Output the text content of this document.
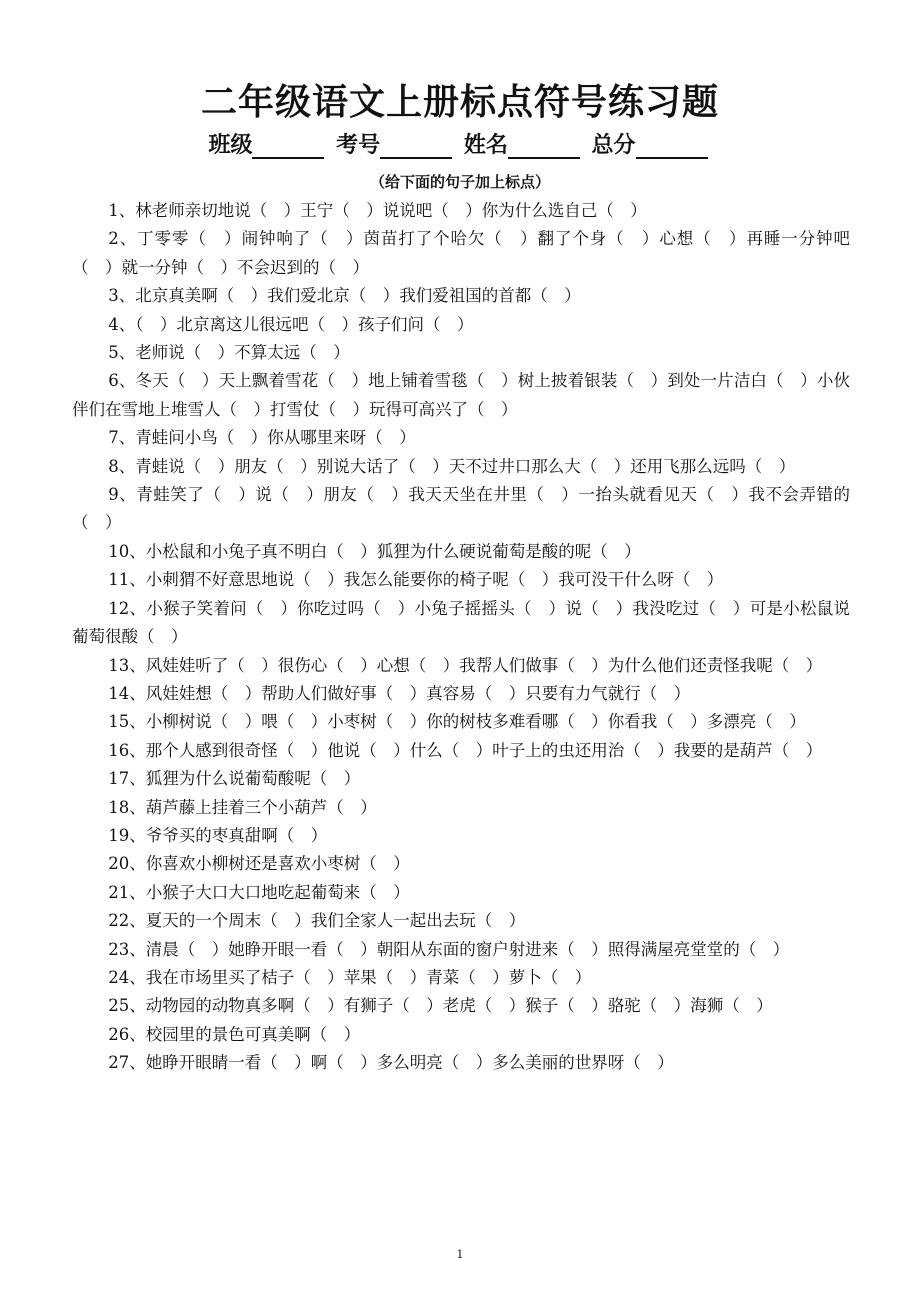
二年级语文上册标点符号练习题
班级	考号	姓名	总分
（给下面的句子加上标点）

1、林老师亲切地说（　）王宁（　）说说吧（　）你为什么选自己（　）

2、丁零零（　）闹钟响了（　）茵苗打了个哈欠（　）翻了个身（　）心想（　）再睡一分钟吧（　）就一分钟（　）不会迟到的（　）

3、北京真美啊（　）我们爱北京（　）我们爱祖国的首都（　）

4、（　）北京离这儿很远吧（　）孩子们问（　）

5、老师说（　）不算太远（　）

6、冬天（　）天上飘着雪花（　）地上铺着雪毯（　）树上披着银装（　）到处一片洁白（　）小伙伴们在雪地上堆雪人（　）打雪仗（　）玩得可高兴了（　）

7、青蛙问小鸟（　）你从哪里来呀（　）

8、青蛙说（　）朋友（　）别说大话了（　）天不过井口那么大（　）还用飞那么远吗（　）

9、青蛙笑了（　）说（　）朋友（　）我天天坐在井里（　）一抬头就看见天（　）我不会弄错的（　）

10、小松鼠和小兔子真不明白（　）狐狸为什么硬说葡萄是酸的呢（　）

11、小刺猬不好意思地说（　）我怎么能要你的椅子呢（　）我可没干什么呀（　）

12、小猴子笑着问（　）你吃过吗（　）小兔子摇摇头（　）说（　）我没吃过（　）可是小松鼠说葡萄很酸（　）

13、风娃娃听了（　）很伤心（　）心想（　）我帮人们做事（　）为什么他们还责怪我呢（　）

14、风娃娃想（　）帮助人们做好事（　）真容易（　）只要有力气就行（　）

15、小柳树说（　）喂（　）小枣树（　）你的树枝多难看哪（　）你看我（　）多漂亮（　）

16、那个人感到很奇怪（　）他说（　）什么（　）叶子上的虫还用治（　）我要的是葫芦（　）

17、狐狸为什么说葡萄酸呢（　）

18、葫芦藤上挂着三个小葫芦（　）

19、爷爷买的枣真甜啊（　）

20、你喜欢小柳树还是喜欢小枣树（　）

21、小猴子大口大口地吃起葡萄来（　）

22、夏天的一个周末（　）我们全家人一起出去玩（　）

23、清晨（　）她睁开眼一看（　）朝阳从东面的窗户射进来（　）照得满屋亮堂堂的（　）

24、我在市场里买了桔子（　）苹果（　）青菜（　）萝卜（　）

25、动物园的动物真多啊（　）有狮子（　）老虎（　）猴子（　）骆驼（　）海狮（　）

26、校园里的景色可真美啊（　）

27、她睁开眼睛一看（　）啊（　）多么明亮（　）多么美丽的世界呀（　）

1
